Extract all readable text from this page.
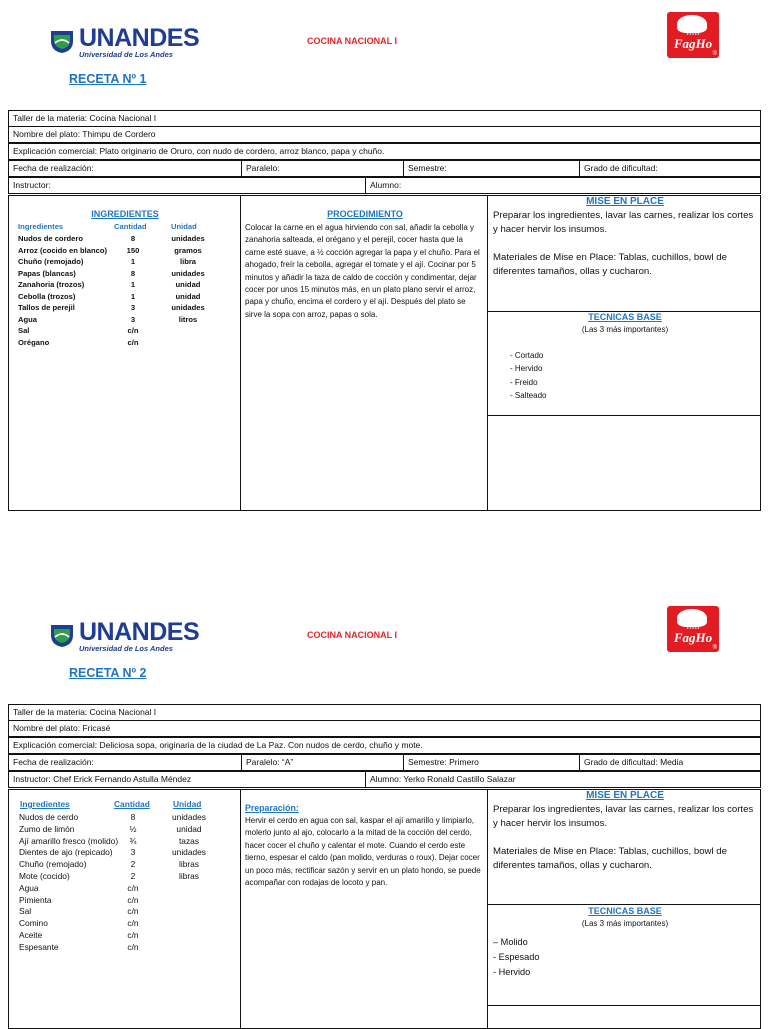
UNANDES
Universidad de Los Andes
COCINA NACIONAL I
★★★★★
FagHo
®
RECETA Nº 1
Taller de la materia: Cocina Nacional I
Nombre del plato: Thimpu de Cordero
Explicación comercial: Plato originario de Oruro, con nudo de cordero, arroz blanco, papa y chuño.
Fecha de realización:	Paralelo:	Semestre:	Grado de dificultad:
Instructor:	Alumno:
INGREDIENTES
Ingredientes	Cantidad	Unidad
Nudos de cordero	8	unidades
Arroz (cocido en blanco)	150	gramos
Chuño (remojado)	1	libra
Papas (blancas)	8	unidades
Zanahoria (trozos)	1	unidad
Cebolla (trozos)	1	unidad
Tallos de perejil	3	unidades
Agua	3	litros
Sal	c/n
Orégano	c/n
PROCEDIMIENTO
Colocar la carne en el agua hirviendo con sal, añadir la cebolla y zanahoria salteada, el orégano y el perejil, cocer hasta que la carne esté suave, a ½ cocción agregar la papa y el chuño. Para el ahogado, freír la cebolla, agregar el tomate y el ají. Cocinar por 5 minutos y añadir la taza de caldo de cocción y condimentar, dejar cocer por unos 15 minutos más, en un plato plano servir el arroz, papa y chuño, encima el cordero y el ají. Después del plato se sirve la sopa con arroz, papas o sola.
MISE EN PLACE
Preparar los ingredientes, lavar las carnes, realizar los cortes y hacer hervir los insumos.
Materiales de Mise en Place: Tablas, cuchillos, bowl de diferentes tamaños, ollas y cucharon.
TECNICAS BASE
(Las 3 más importantes)
- Cortado
- Hervido
- Freido
- Salteado
UNANDES
Universidad de Los Andes
COCINA NACIONAL I
★★★★★
FagHo
®
RECETA Nº 2
Taller de la materia: Cocina Nacional I
Nombre del plato: Fricasé
Explicación comercial: Deliciosa sopa, originaria de la ciudad de La Paz. Con nudos de cerdo, chuño y mote.
Fecha de realización:	Paralelo: “A”	Semestre: Primero	Grado de dificultad: Media
Instructor: Chef Erick Fernando Astulla Méndez	Alumno: Yerko Ronald Castillo Salazar
Ingredientes	Cantidad	Unidad
Nudos de cerdo	8	unidades
Zumo de limón	½	unidad
Ají amarillo fresco (molido)	¾	tazas
Dientes de ajo (repicado)	3	unidades
Chuño (remojado)	2	libras
Mote (cocido)	2	libras
Agua	c/n
Pimienta	c/n
Sal	c/n
Comino	c/n
Aceite	c/n
Espesante	c/n
Preparación:
Hervir el cerdo en agua con sal, kaspar el ají amarillo y limpiarlo, molerlo junto al ajo, colocarlo a la mitad de la cocción del cerdo, hacer cocer el chuño y calentar el mote. Cuando el cerdo este tierno, espesar el caldo (pan molido, verduras o roux). Dejar cocer un poco más, rectificar sazón y servir en un plato hondo, se puede acompañar con rodajas de locoto y pan.
MISE EN PLACE
Preparar los ingredientes, lavar las carnes, realizar los cortes y hacer hervir los insumos.
Materiales de Mise en Place: Tablas, cuchillos, bowl de diferentes tamaños, ollas y cucharon.
TECNICAS BASE
(Las 3 más importantes)
– Molido
- Espesado
- Hervido
